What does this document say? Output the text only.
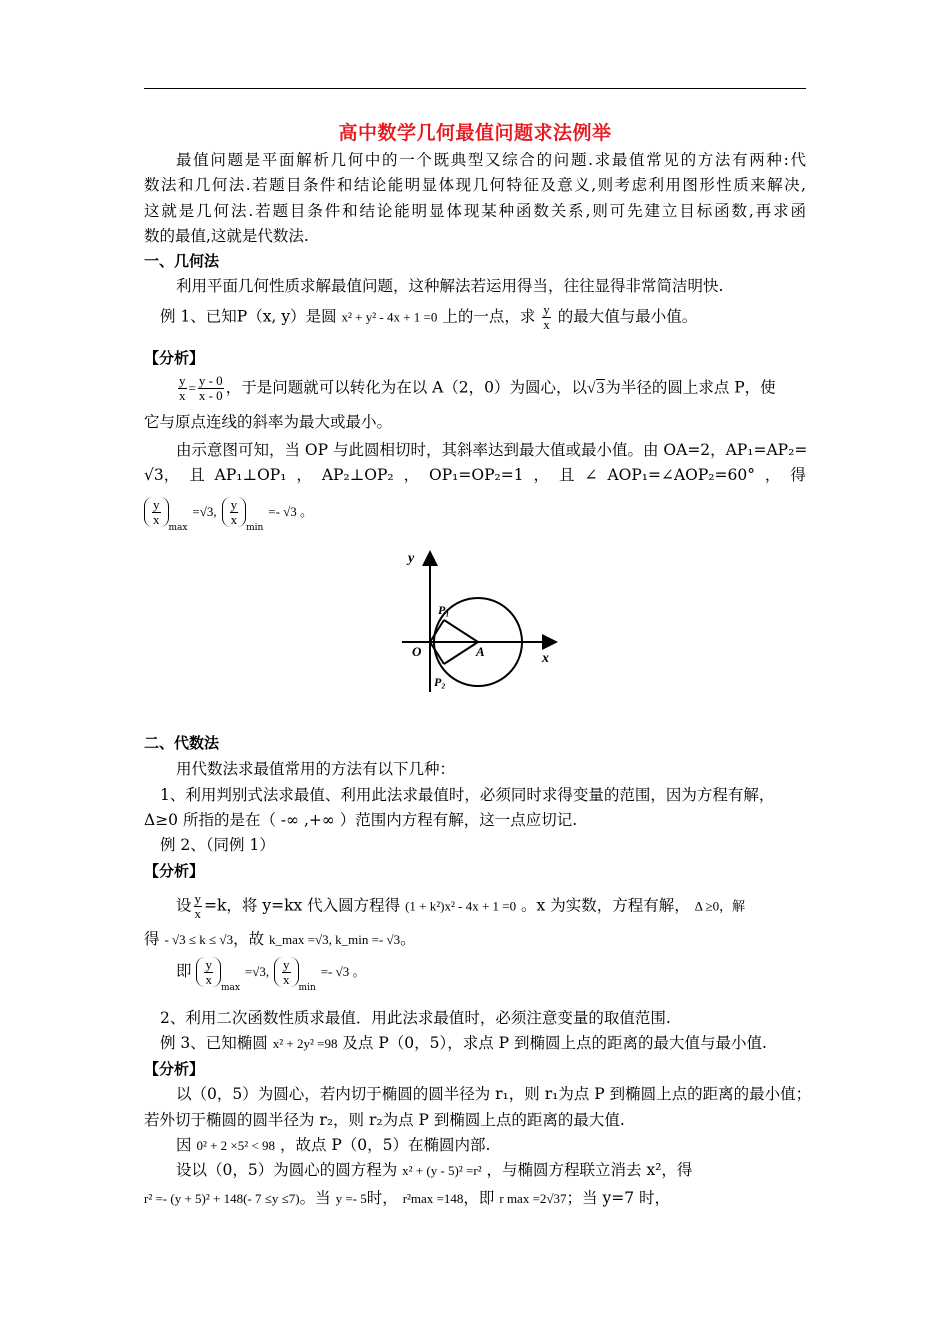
高中数学几何最值问题求法例举
最值问题是平面解析几何中的一个既典型又综合的问题.求最值常见的方法有两种:代
数法和几何法.若题目条件和结论能明显体现几何特征及意义,则考虑利用图形性质来解决,
这就是几何法.若题目条件和结论能明显体现某种函数关系,则可先建立目标函数,再求函
数的最值,这就是代数法.
一、几何法
利用平面几何性质求解最值问题，这种解法若运用得当，往往显得非常简洁明快.
例 1、已知P（x, y）是圆 x² + y² - 4x + 1 =0 上的一点，求 $\frac{y}{x}$ 的最大值与最小值。
【分析】
$\frac{y}{x} = \frac{y - 0}{x - 0}$ ，于是问题就可以转化为在以 A（2，0）为圆心，以√3为半径的圆上求点 P，使
它与原点连线的斜率为最大或最小。
由示意图可知，当 OP 与此圆相切时，其斜率达到最大值或最小值。由 OA=2，AP₁=AP₂=
√3， 且 AP₁⊥OP₁ ， AP₂⊥OP₂ ， OP₁=OP₂=1 ， 且 ∠ AOP₁=∠AOP₂=60° ， 得
$\frac{y}{x}$
$_{max}$ =√3, $\frac{y}{x}$
$_{min}$ =- √3 。
y
x
O	A
P₁
P₂
二、代数法
用代数法求最值常用的方法有以下几种：
1、利用判别式法求最值、利用此法求最值时，必须同时求得变量的范围，因为方程有解，
Δ≥0 所指的是在（ -∞ ,+∞ ）范围内方程有解，这一点应切记.
例 2、（同例 1）
【分析】
设 $\frac{y}{x} =k$，将 y=kx 代入圆方程得 (1 + k²)x² - 4x + 1 =0 。x 为实数，方程有解， Δ ≥0，解
得 - √3 ≤ k ≤ √3，故 k_max =√3, k_min =- √3。
即 $\frac{y}{x}$
$_{max}$ =√3, $\frac{y}{x}$
$_{min}$ =- √3 。
2、利用二次函数性质求最值．用此法求最值时，必须注意变量的取值范围.
例 3、已知椭圆 x² + 2y² =98 及点 P（0，5），求点 P 到椭圆上点的距离的最大值与最小值.
【分析】
以（0，5）为圆心，若内切于椭圆的圆半径为 r₁，则 r₁为点 P 到椭圆上点的距离的最小值；
若外切于椭圆的圆半径为 r₂，则 r₂为点 P 到椭圆上点的距离的最大值.
因 0² + 2 ×5² < 98 ，故点 P（0，5）在椭圆内部.
设以（0，5）为圆心的圆方程为 x² + (y - 5)² =r² ，与椭圆方程联立消去 x²，得
r² =- (y + 5)² + 148(- 7 ≤y ≤7)。当 y =- 5时， r²max =148，即 r max =2√37；当 y=7 时，
